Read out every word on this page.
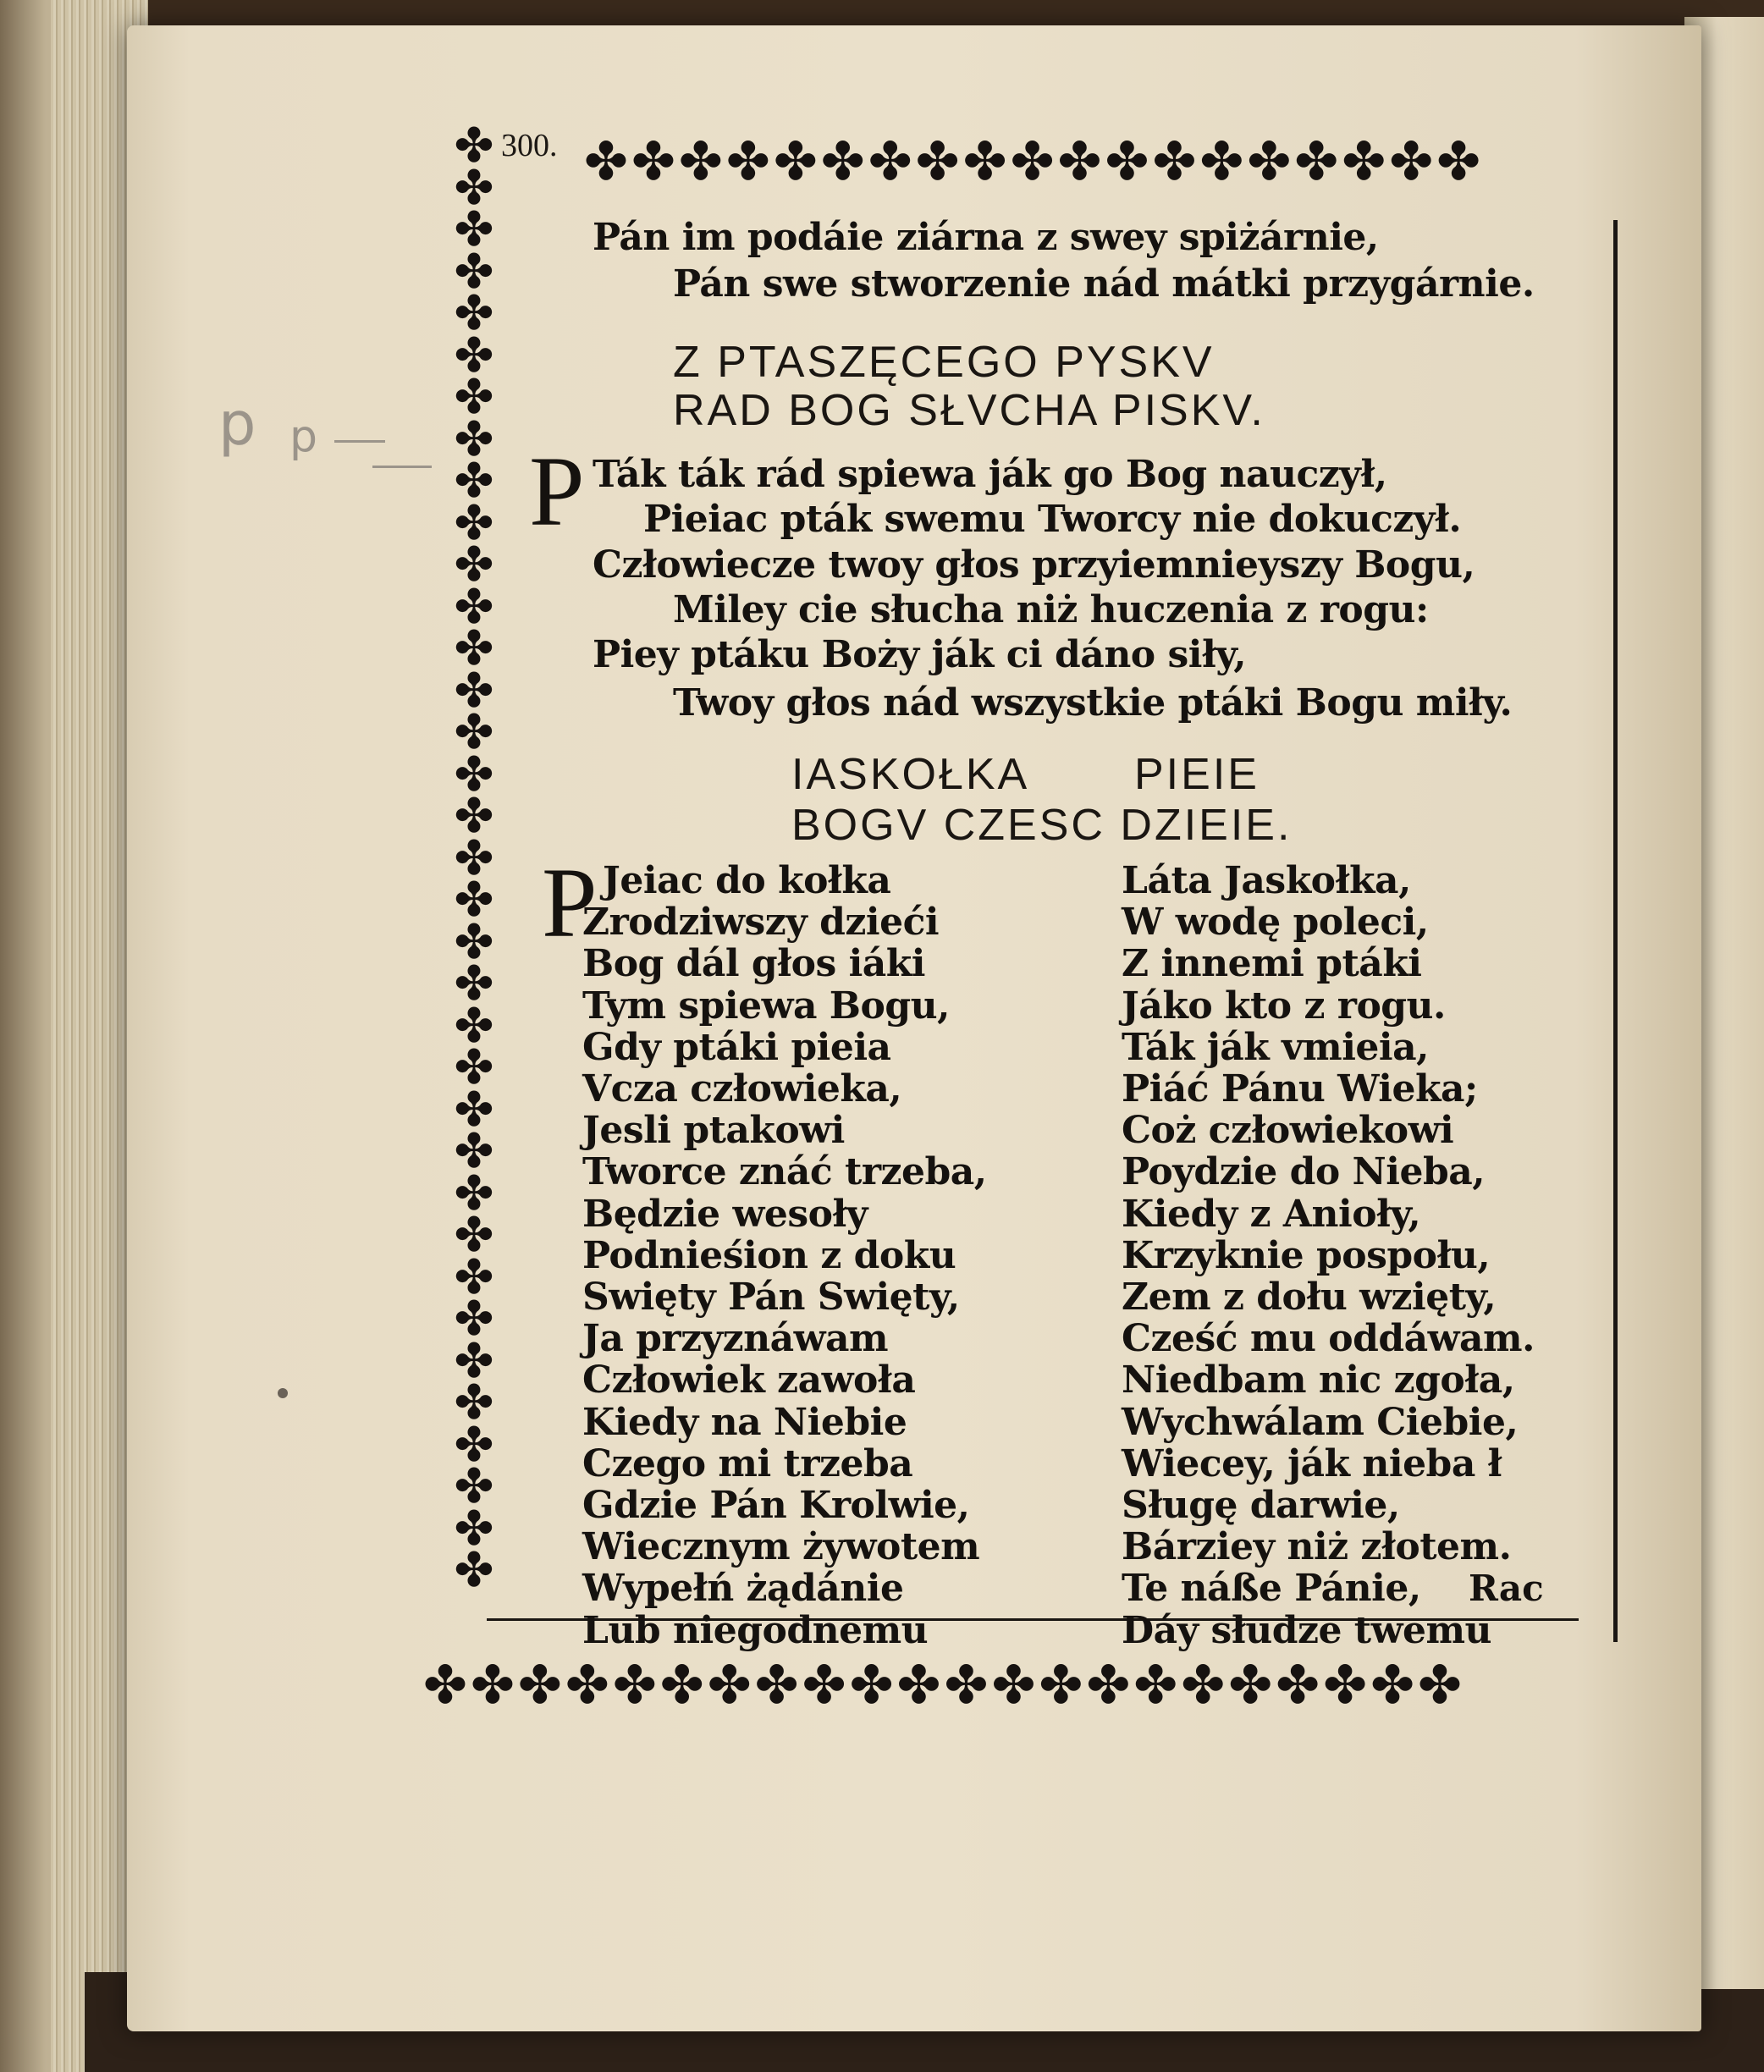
p p
✤ ✤ ✤ ✤ ✤ ✤ ✤ ✤ ✤ ✤ ✤ ✤ ✤ ✤ ✤ ✤ ✤ ✤ ✤
✤
✤
✤
✤
✤
✤
✤
✤
✤
✤
✤
✤
✤
✤
✤
✤
✤
✤
✤
✤
✤
✤
✤
✤
✤
✤
✤
✤
✤
✤
✤
✤
✤
✤
✤
✤ ✤ ✤ ✤ ✤ ✤ ✤ ✤ ✤ ✤ ✤ ✤ ✤ ✤ ✤ ✤ ✤ ✤ ✤ ✤ ✤ ✤
300.
Pán im podáie ziárna z swey spiżárnie,
Pán swe stworzenie nád mátki przygárnie.
Z PTASZĘCEGO PYSKV
RAD BOG SŁVCHA PISKV.
P Ták ták rád spiewa ják go Bog nauczył,
Pieiac pták swemu Tworcy nie dokuczył.
Człowiecze twoy głos przyiemnieyszy Bogu,
Miley cie słucha niż huczenia z rogu:
Piey ptáku Boży ják ci dáno siły,
Twoy głos nád wszystkie ptáki Bogu miły.
IASKOŁKA PIEIE
BOGV CZESC DZIEIE.
P Jeiac do kołka
Zrodziwszy dzieći
Bog dál głos iáki
Tym spiewa Bogu,
Gdy ptáki pieia
Vcza człowieka,
Jesli ptakowi
Tworce znáć trzeba,
Będzie wesoły
Podnieśion z doku
Swięty Pán Swięty,
Ja przyznáwam
Człowiek zawoła
Kiedy na Niebie
Czego mi trzeba
Gdzie Pán Krolwie,
Wiecznym żywotem
Wypełń żądánie
Lub niegodnemu
Láta Jaskołka,
W wodę poleci,
Z innemi ptáki
Jáko kto z rogu.
Ták ják vmieia,
Piáć Pánu Wieka;
Coż człowiekowi
Poydzie do Nieba,
Kiedy z Anioły,
Krzyknie pospołu,
Zem z dołu wzięty,
Cześć mu oddáwam.
Niedbam nic zgoła,
Wychwálam Ciebie,
Wiecey, ják nieba ł
Sługę darwie,
Bárziey niż złotem.
Te náße Pánie,
Dáy słudze twemu
Rac
